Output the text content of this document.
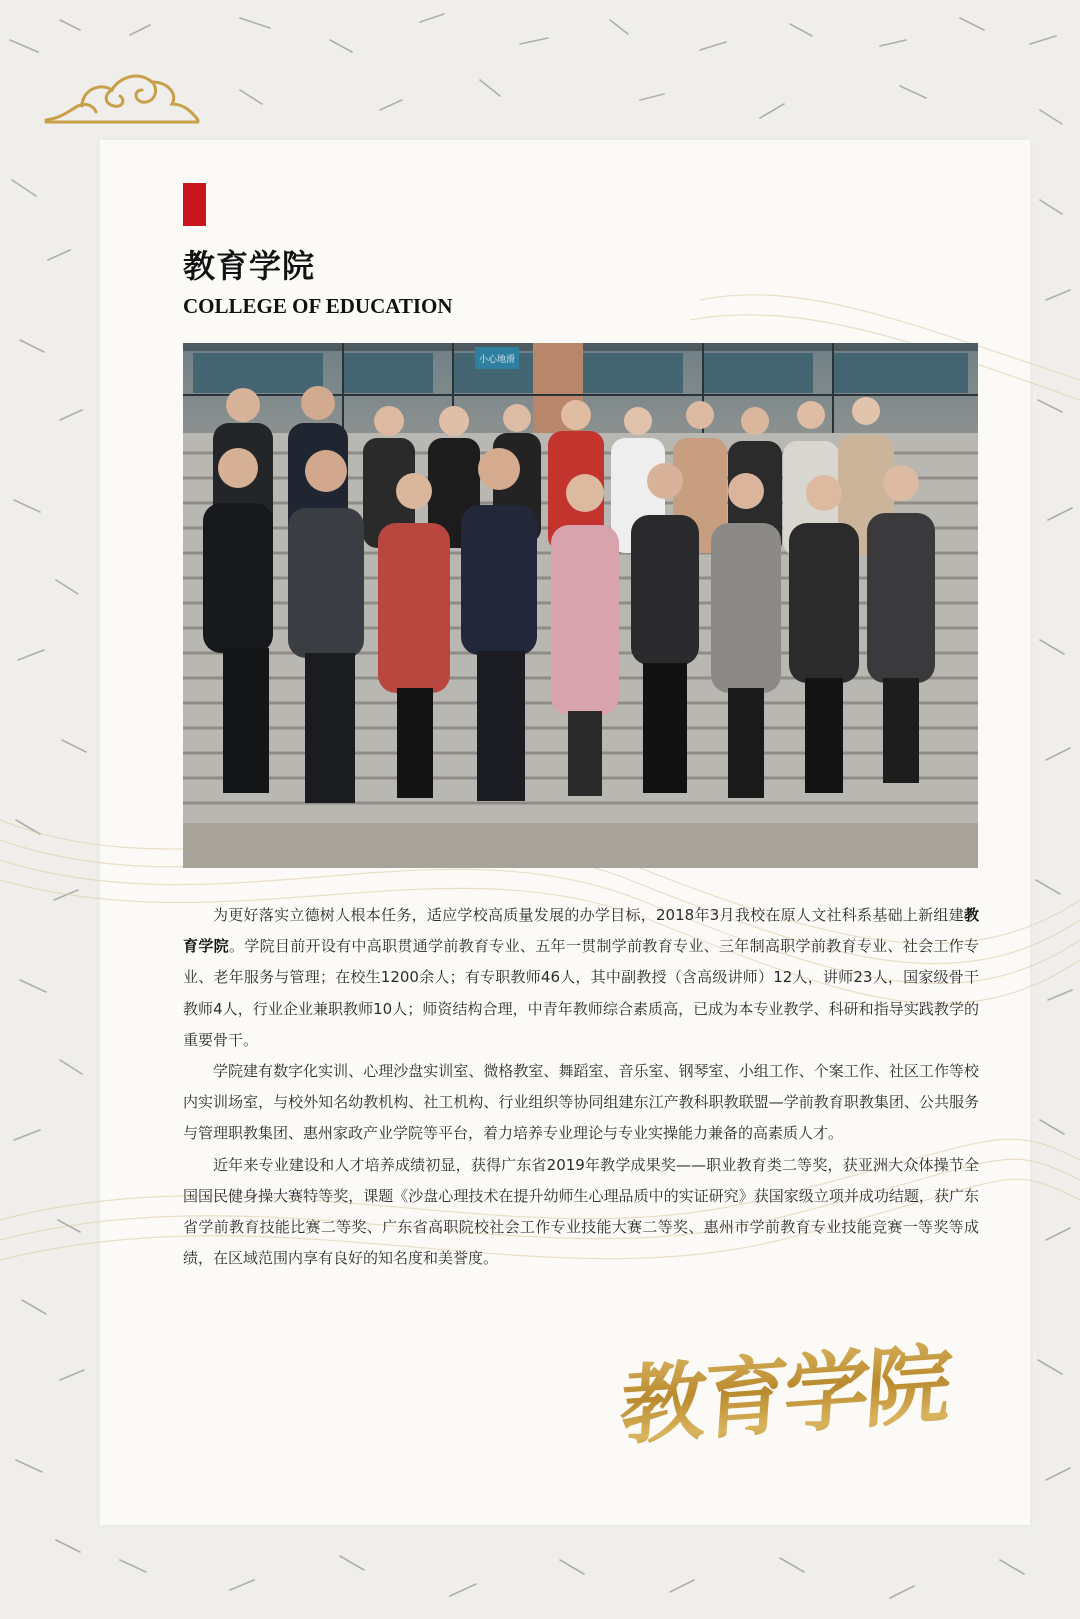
教育学院
COLLEGE OF EDUCATION
小心地滑

为更好落实立德树人根本任务，适应学校高质量发展的办学目标，2018年3月我校在原人文社科系基础上新组建教育学院。学院目前开设有中高职贯通学前教育专业、五年一贯制学前教育专业、三年制高职学前教育专业、社会工作专业、老年服务与管理；在校生1200余人；有专职教师46人，其中副教授（含高级讲师）12人，讲师23人，国家级骨干教师4人，行业企业兼职教师10人；师资结构合理，中青年教师综合素质高，已成为本专业教学、科研和指导实践教学的重要骨干。

学院建有数字化实训、心理沙盘实训室、微格教室、舞蹈室、音乐室、钢琴室、小组工作、个案工作、社区工作等校内实训场室，与校外知名幼教机构、社工机构、行业组织等协同组建东江产教科职教联盟—学前教育职教集团、公共服务与管理职教集团、惠州家政产业学院等平台，着力培养专业理论与专业实操能力兼备的高素质人才。

近年来专业建设和人才培养成绩初显，获得广东省2019年教学成果奖——职业教育类二等奖，获亚洲大众体操节全国国民健身操大赛特等奖，课题《沙盘心理技术在提升幼师生心理品质中的实证研究》获国家级立项并成功结题，获广东省学前教育技能比赛二等奖、广东省高职院校社会工作专业技能大赛二等奖、惠州市学前教育专业技能竞赛一等奖等成绩，在区域范围内享有良好的知名度和美誉度。

教育学院
